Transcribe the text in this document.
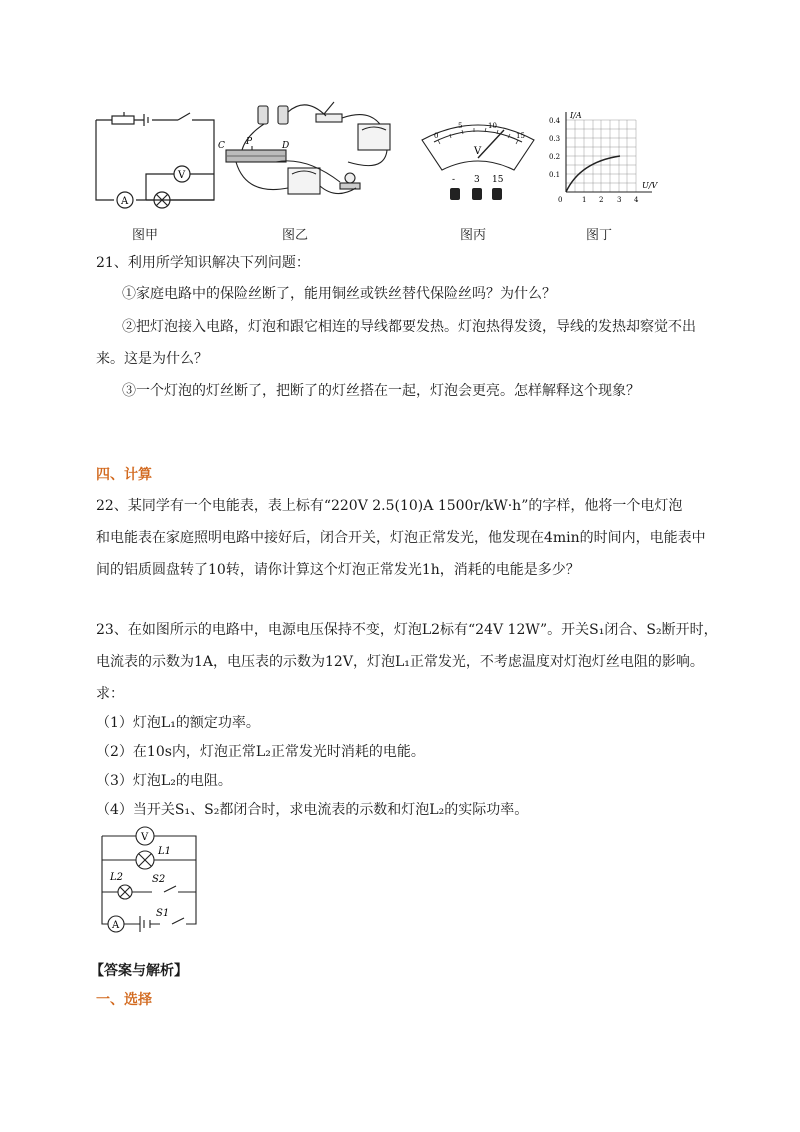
A
V
C P	D
0
5	10
15
V
- 3 15
I/A
U/V
0.4
0.3
0.2
0.1
0	1 2 3 4
图甲	图乙	图丙	图丁
21、利用所学知识解决下列问题：
①家庭电路中的保险丝断了，能用铜丝或铁丝替代保险丝吗？为什么？
②把灯泡接入电路，灯泡和跟它相连的导线都要发热。灯泡热得发烫，导线的发热却察觉不出
来。这是为什么？
③一个灯泡的灯丝断了，把断了的灯丝搭在一起，灯泡会更亮。怎样解释这个现象？
四、计算
22、某同学有一个电能表，表上标有“220V 2.5(10)A 1500r/kW·h”的字样，他将一个电灯泡
和电能表在家庭照明电路中接好后，闭合开关，灯泡正常发光，他发现在4min的时间内，电能表中
间的铝质圆盘转了10转，请你计算这个灯泡正常发光1h，消耗的电能是多少？
23、在如图所示的电路中，电源电压保持不变，灯泡L2标有“24V 12W”。开关S₁闭合、S₂断开时，
电流表的示数为1A，电压表的示数为12V，灯泡L₁正常发光，不考虑温度对灯泡灯丝电阻的影响。
求：
（1）灯泡L₁的额定功率。
（2）在10s内，灯泡正常L₂正常发光时消耗的电能。
（3）灯泡L₂的电阻。
（4）当开关S₁、S₂都闭合时，求电流表的示数和灯泡L₂的实际功率。
V
L1
L2	S2
S1
A
【答案与解析】
一、选择
